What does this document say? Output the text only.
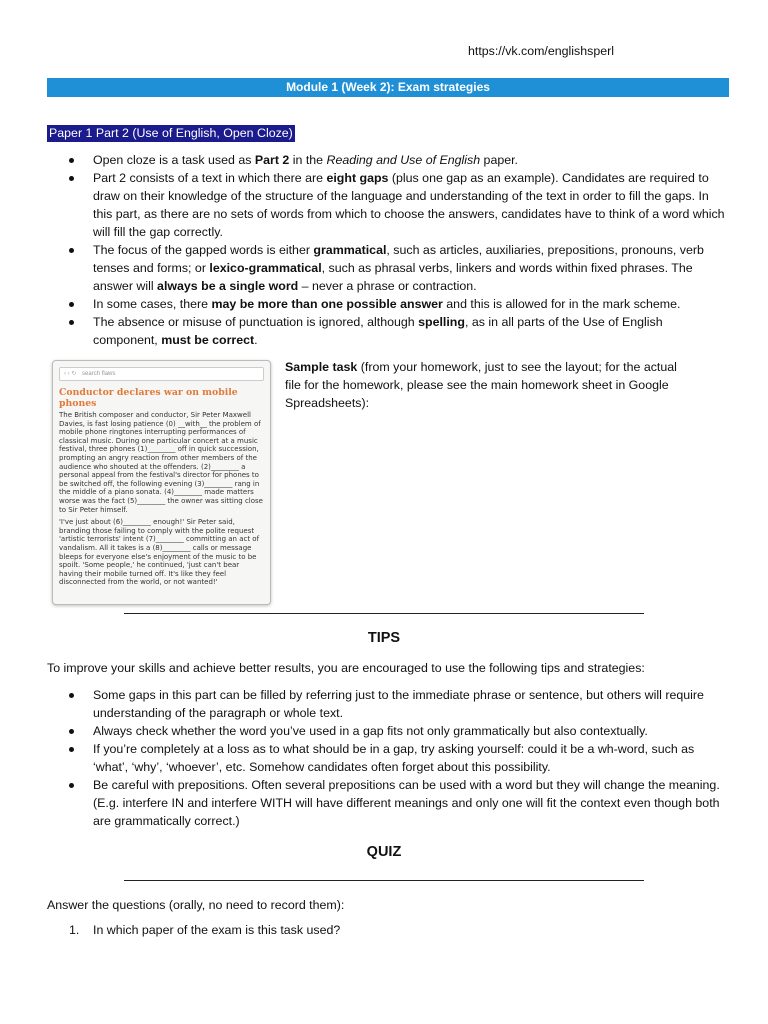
https://vk.com/englishsperl
Module 1 (Week 2): Exam strategies
Paper 1 Part 2 (Use of English, Open Cloze)
Open cloze is a task used as Part 2 in the Reading and Use of English paper.
Part 2 consists of a text in which there are eight gaps (plus one gap as an example). Candidates are required to draw on their knowledge of the structure of the language and understanding of the text in order to fill the gaps. In this part, as there are no sets of words from which to choose the answers, candidates have to think of a word which will fill the gap correctly.
The focus of the gapped words is either grammatical, such as articles, auxiliaries, prepositions, pronouns, verb tenses and forms; or lexico-grammatical, such as phrasal verbs, linkers and words within fixed phrases. The answer will always be a single word – never a phrase or contraction.
In some cases, there may be more than one possible answer and this is allowed for in the mark scheme.
The absence or misuse of punctuation is ignored, although spelling, as in all parts of the Use of English component, must be correct.
‹ › ↻ search flaws
Conductor declares war on mobile phones

The British composer and conductor, Sir Peter Maxwell Davies, is fast losing patience (0) __with__ the problem of mobile phone ringtones interrupting performances of classical music. During one particular concert at a music festival, three phones (1)________ off in quick succession, prompting an angry reaction from other members of the audience who shouted at the offenders. (2)________ a personal appeal from the festival's director for phones to be switched off, the following evening (3)________ rang in the middle of a piano sonata. (4)________ made matters worse was the fact (5)________ the owner was sitting close to Sir Peter himself.

'I've just about (6)________ enough!' Sir Peter said, branding those failing to comply with the polite request 'artistic terrorists' intent (7)________ committing an act of vandalism. All it takes is a (8)________ calls or message bleeps for everyone else's enjoyment of the music to be spoilt. 'Some people,' he continued, 'just can't bear having their mobile turned off. It's like they feel disconnected from the world, or not wanted!'

Sample task (from your homework, just to see the layout; for the actual file for the homework, please see the main homework sheet in Google Spreadsheets):
TIPS
To improve your skills and achieve better results, you are encouraged to use the following tips and strategies:
Some gaps in this part can be filled by referring just to the immediate phrase or sentence, but others will require understanding of the paragraph or whole text.
Always check whether the word you’ve used in a gap fits not only grammatically but also contextually.
If you’re completely at a loss as to what should be in a gap, try asking yourself: could it be a wh-word, such as ‘what’, ‘why’, ‘whoever’, etc. Somehow candidates often forget about this possibility.
Be careful with prepositions. Often several prepositions can be used with a word but they will change the meaning. (E.g. interfere IN and interfere WITH will have different meanings and only one will fit the context even though both are grammatically correct.)
QUIZ
Answer the questions (orally, no need to record them):
1. In which paper of the exam is this task used?
